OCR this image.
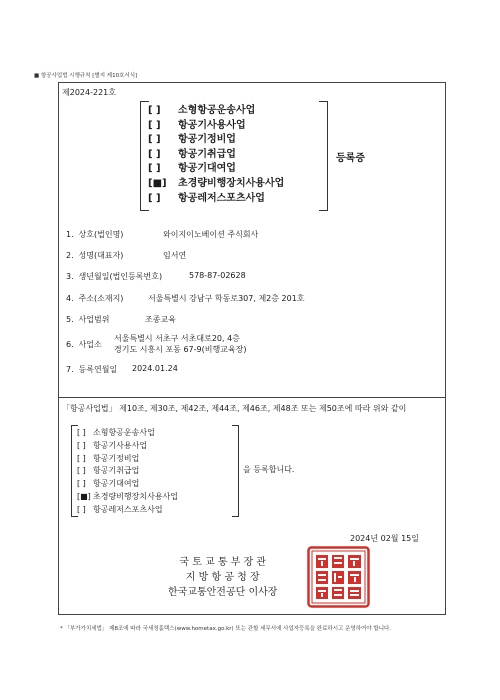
■ 항공사업법 시행규칙 [별지 제10호서식]
제2024-221호
[ ] 소형항공운송사업
[ ] 항공기사용사업
[ ] 항공기정비업
[ ] 항공기취급업
[ ] 항공기대여업
[■] 초경량비행장치사용사업
[ ] 항공레저스포츠사업
등록증
1. 상호(법인명)	와이지이노베이션 주식회사
2. 성명(대표자)	임서연
3. 생년월일(법인등록번호)	578-87-02628
4. 주소(소재지)	서울특별시 강남구 학동로307, 제2층 201호
5. 사업범위	조종교육
6. 사업소
서울특별시 서초구 서초대로20, 4층
경기도 시흥시 포동 67-9(비행교육장)
7. 등록연월일 2024.01.24
「항공사업법」 제10조, 제30조, 제42조, 제44조, 제46조, 제48조 또는 제50조에 따라 위와 같이
[ ] 소형항공운송사업
[ ] 항공기사용사업
[ ] 항공기정비업
[ ] 항공기취급업
[ ] 항공기대여업
[■] 초경량비행장치사용사업
[ ] 항공레저스포츠사업
을 등록합니다.
2024년 02월 15일
국 토 교 통 부 장 관
지 방 항 공 청 장
한국교통안전공단 이사장
* 「부가가치세법」 제8조에 따라 국세청홈택스(www.hometax.go.kr) 또는 관할 세무서에 사업자등록을 완료하시고 운영하여야 합니다.
